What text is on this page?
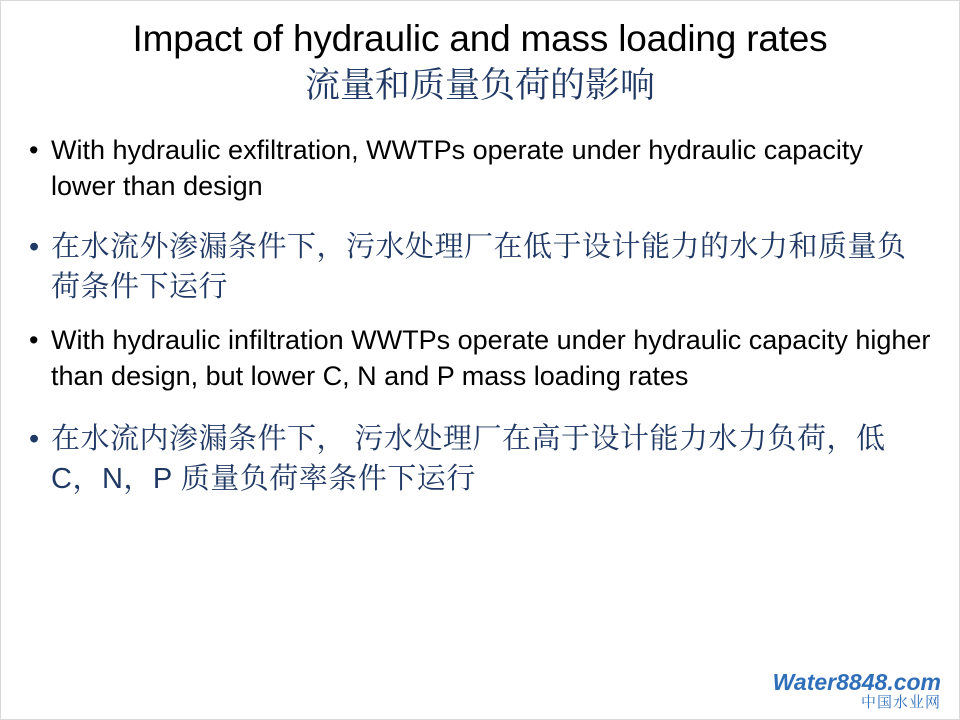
Impact of hydraulic and mass loading rates
流量和质量负荷的影响
• With hydraulic exfiltration, WWTPs operate under hydraulic capacity lower than design
• 在水流外渗漏条件下，污水处理厂在低于设计能力的水力和质量负荷条件下运行
• With hydraulic infiltration WWTPs operate under hydraulic capacity higher than design, but lower C, N and P mass loading rates
• 在水流内渗漏条件下， 污水处理厂在高于设计能力水力负荷，低 C，N，P 质量负荷率条件下运行
Water8848.com
中国水业网
